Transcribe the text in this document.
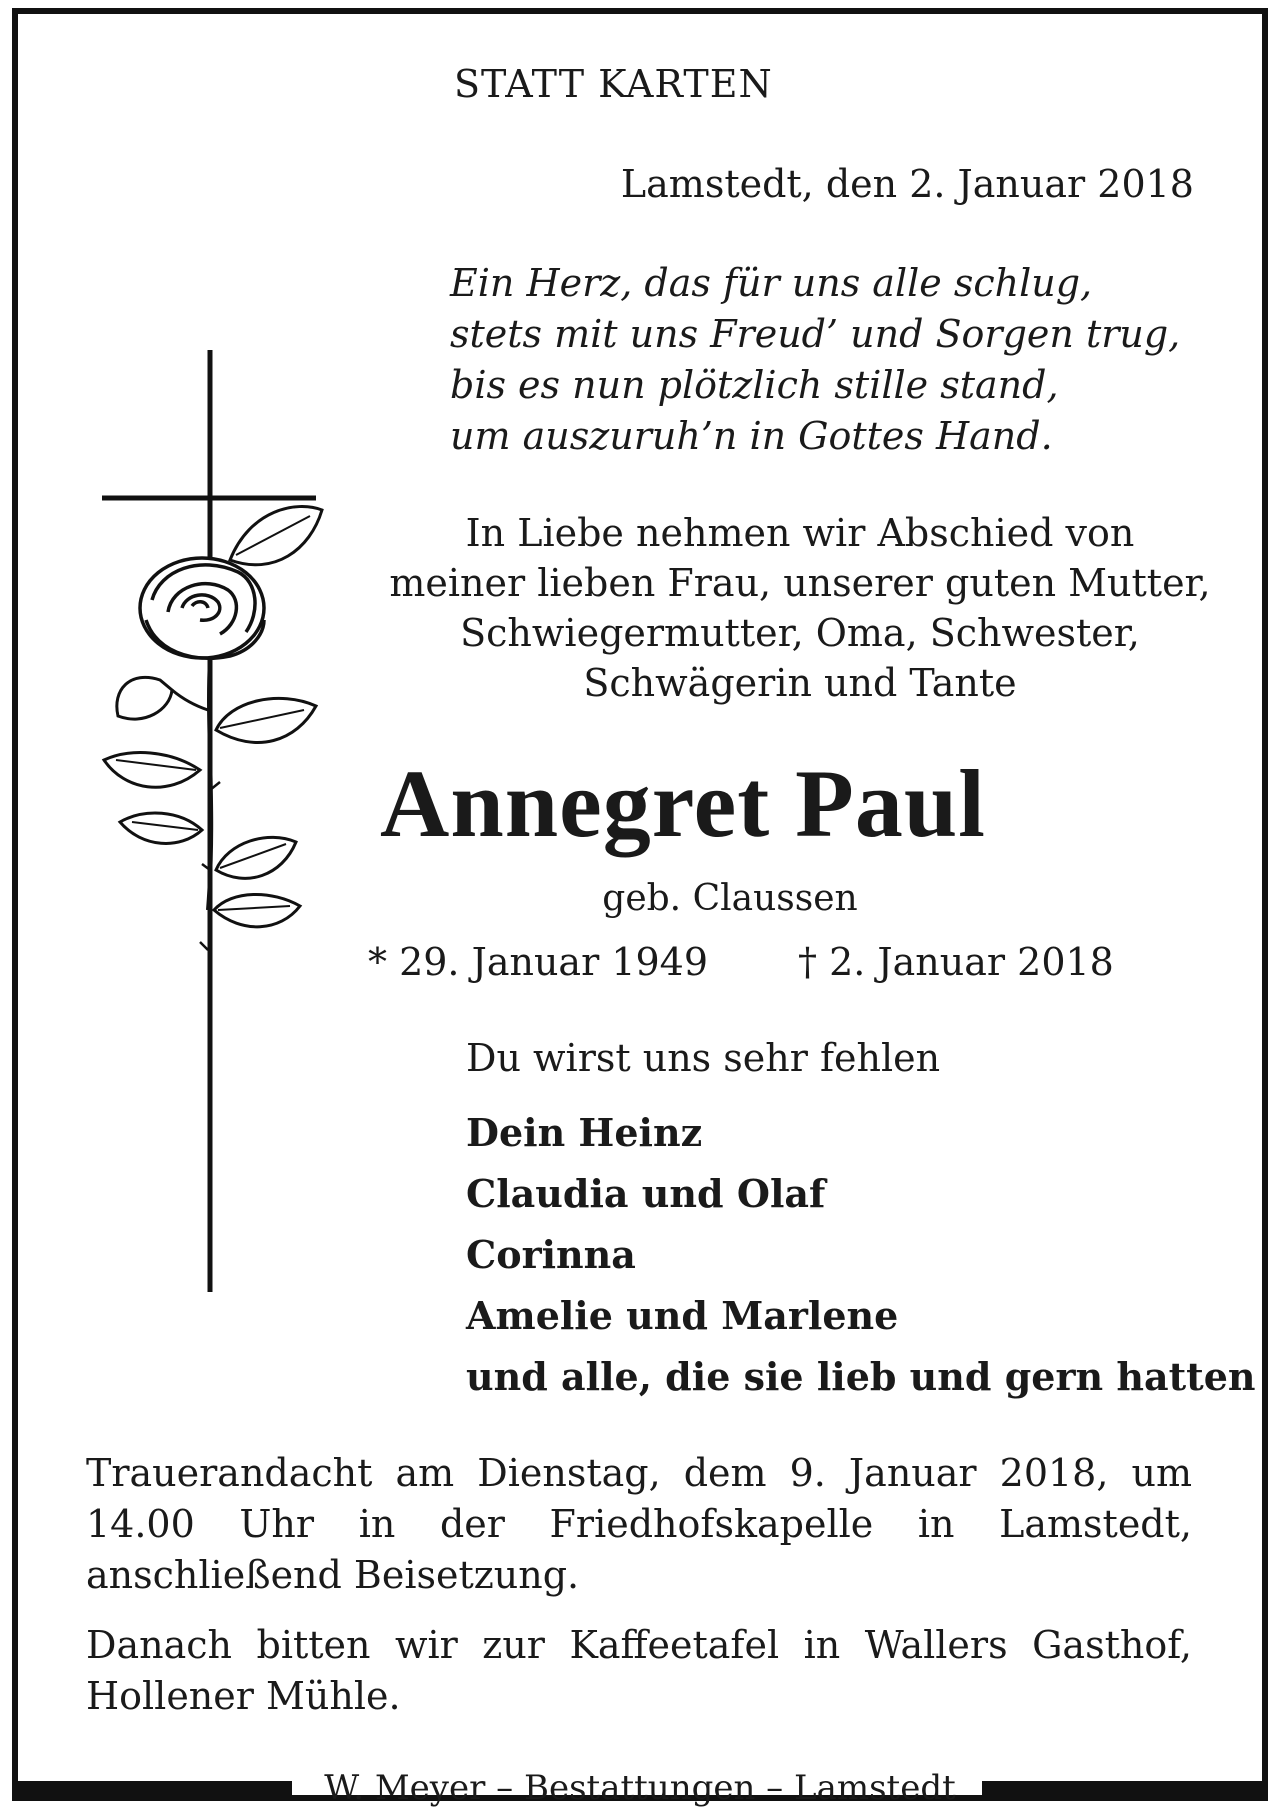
STATT KARTEN
Lamstedt, den 2. Januar 2018
Ein Herz, das für uns alle schlug,
stets mit uns Freud’ und Sorgen trug,
bis es nun plötzlich stille stand,
um auszuruh’n in Gottes Hand.
In Liebe nehmen wir Abschied von
meiner lieben Frau, unserer guten Mutter,
Schwiegermutter, Oma, Schwester,
Schwägerin und Tante
Annegret Paul
geb. Claussen
* 29. Januar 1949 † 2. Januar 2018
Du wirst uns sehr fehlen
Dein Heinz
Claudia und Olaf
Corinna
Amelie und Marlene
und alle, die sie lieb und gern hatten
Trauerandacht am Dienstag, dem 9. Januar 2018, um 14.00 Uhr in der Friedhofskapelle in Lamstedt, anschließend Beisetzung.
Danach bitten wir zur Kaffeetafel in Wallers Gasthof, Hollener Mühle.
W. Meyer – Bestattungen – Lamstedt
